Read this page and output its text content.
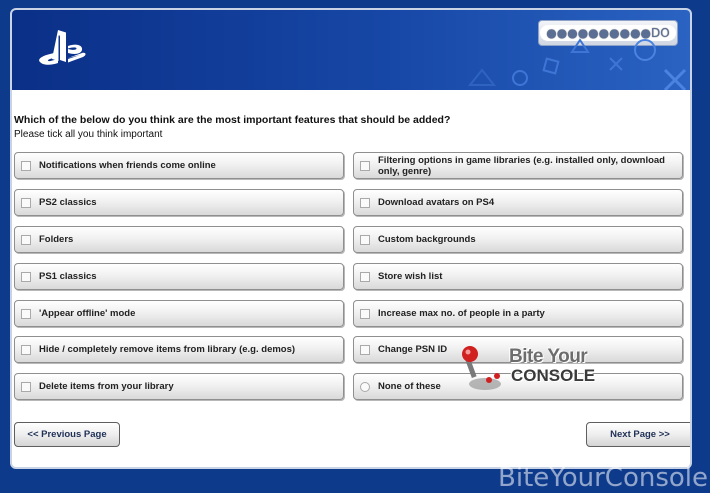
●●●●●●●●●●DO
Which of the below do you think are the most important features that should be added?
Please tick all you think important
Notifications when friends come online
PS2 classics
Folders
PS1 classics
'Appear offline' mode
Hide / completely remove items from library (e.g. demos)
Delete items from your library
Filtering options in game libraries (e.g. installed only, download only, genre)
Download avatars on PS4
Custom backgrounds
Store wish list
Increase max no. of people in a party
Change PSN ID
None of these
Bite Your
CONSOLE
<< Previous Page	Next Page >>
BiteYourConsole
